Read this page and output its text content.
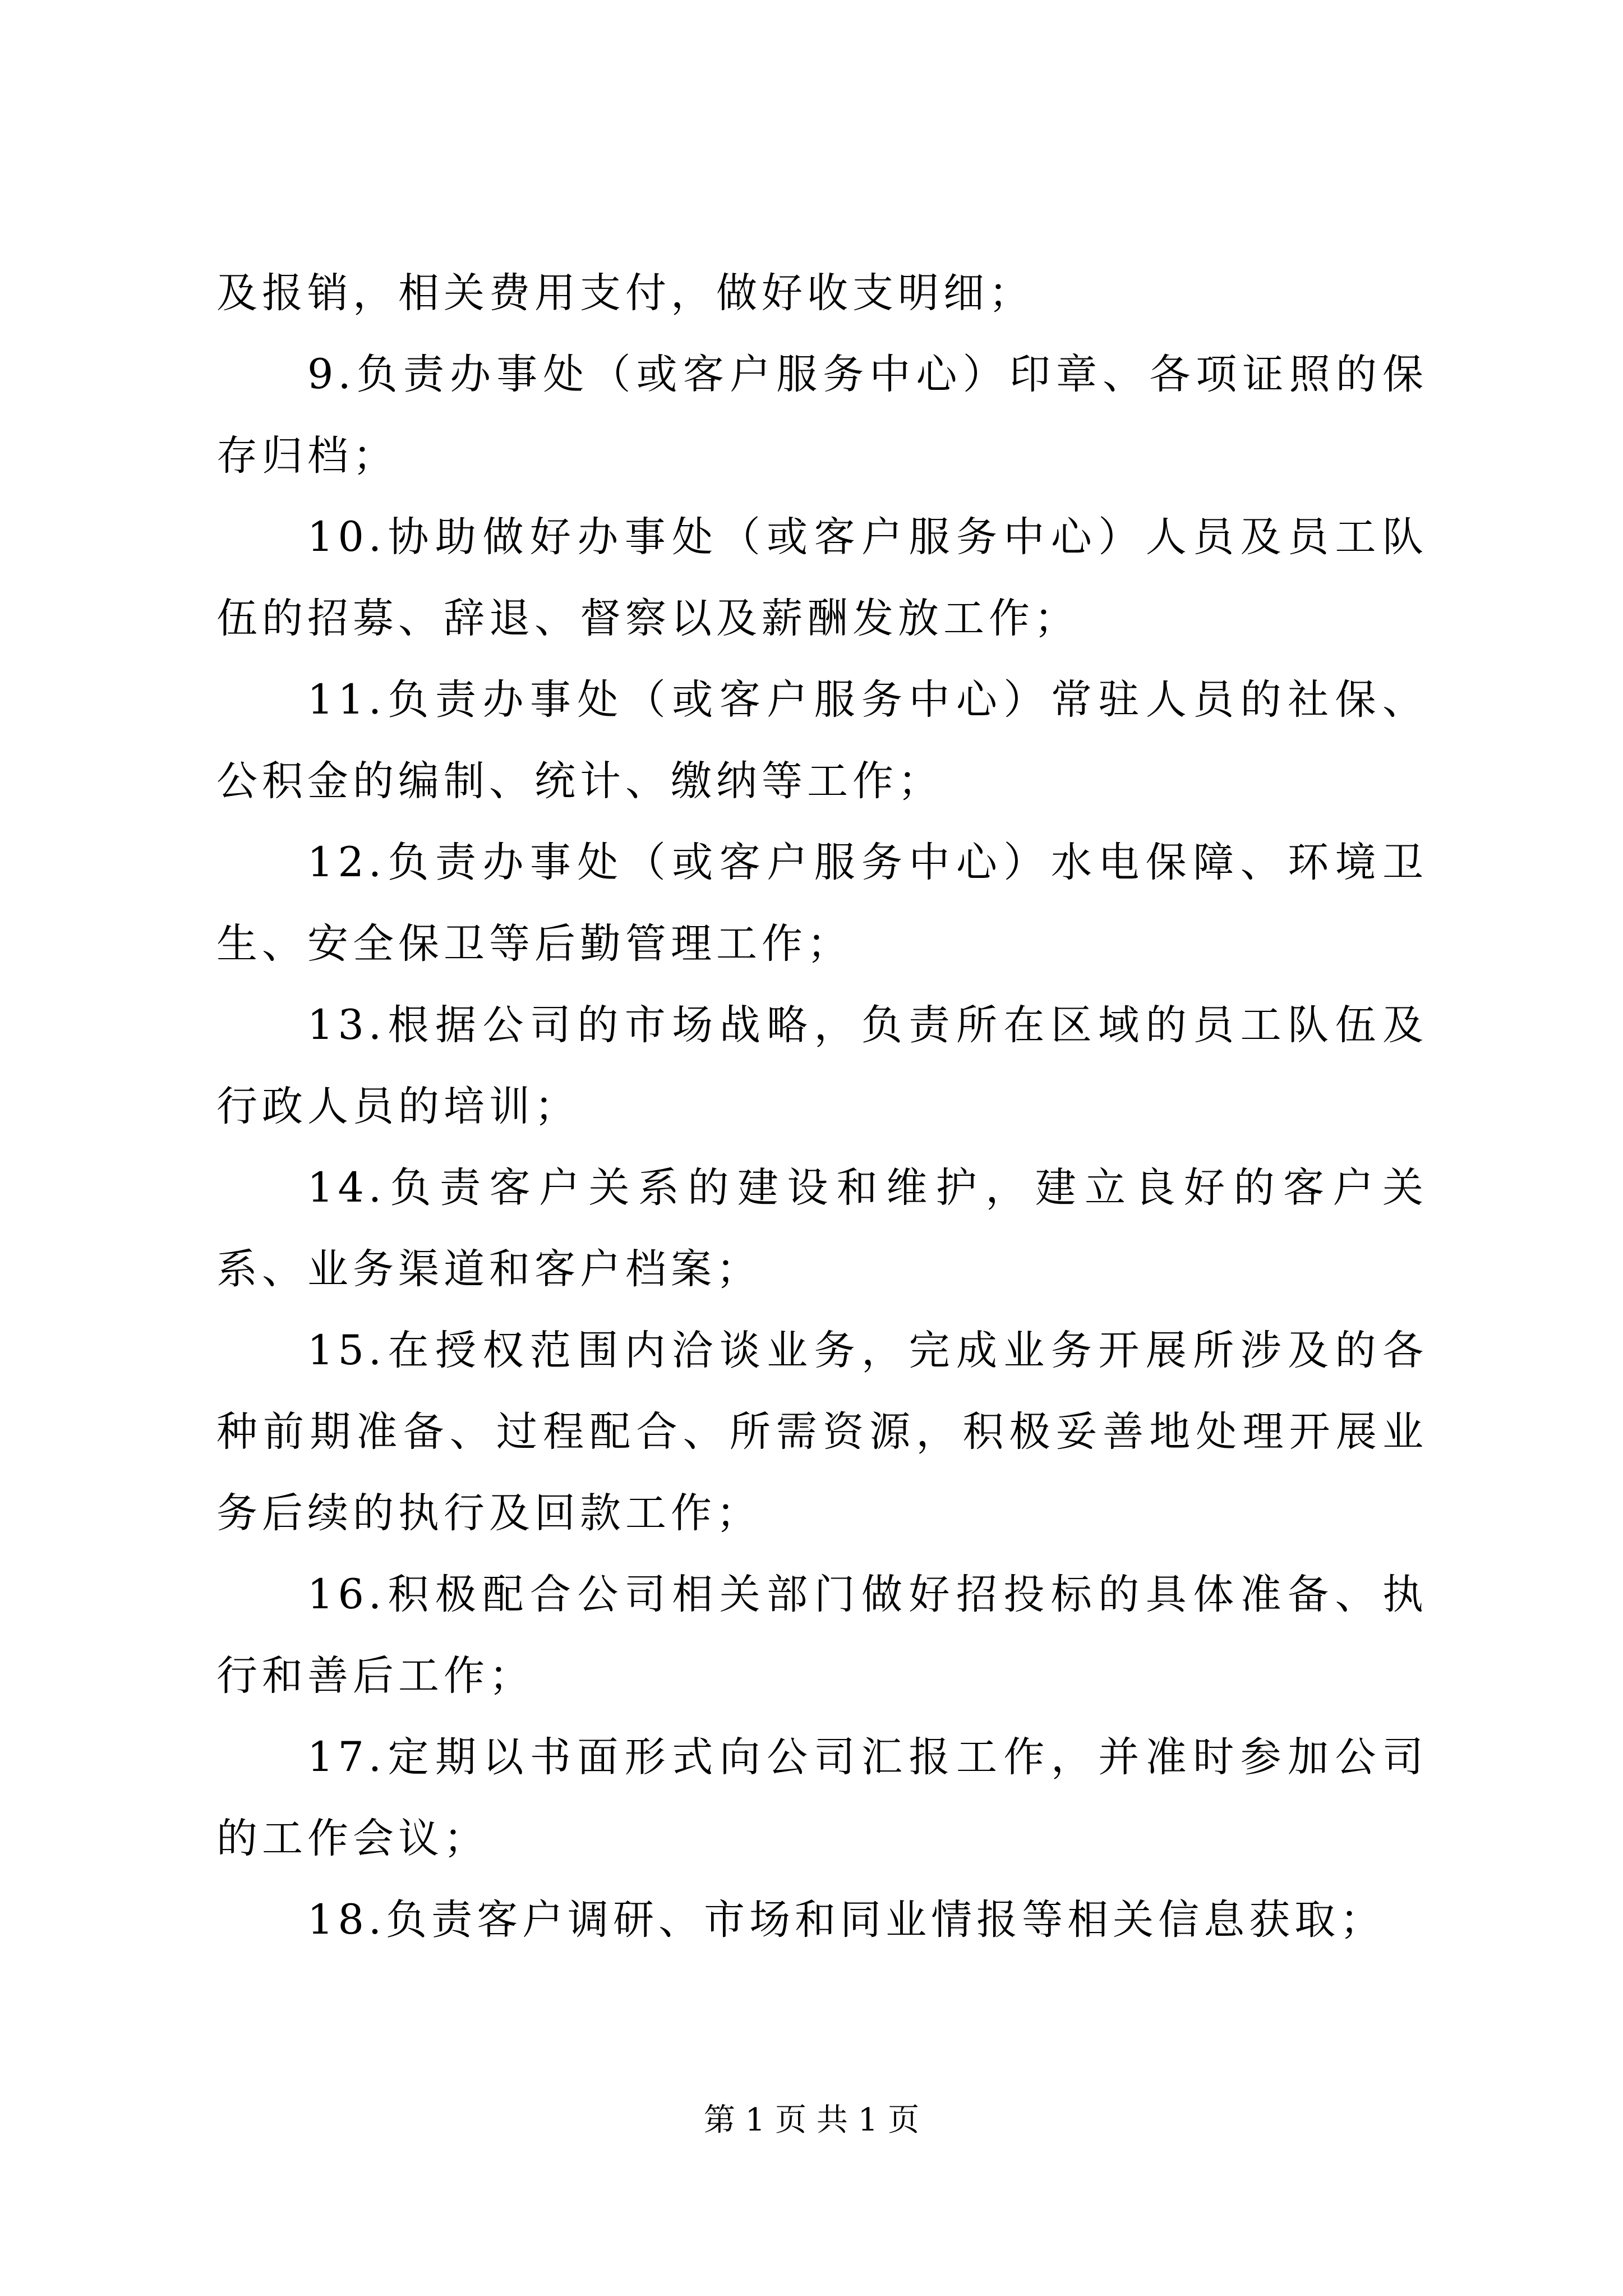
及报销，相关费用支付，做好收支明细；

9.负责办事处（或客户服务中心）印章、各项证照的保存归档；

10.协助做好办事处（或客户服务中心）人员及员工队伍的招募、辞退、督察以及薪酬发放工作；

11.负责办事处（或客户服务中心）常驻人员的社保、公积金的编制、统计、缴纳等工作；

12.负责办事处（或客户服务中心）水电保障、环境卫生、安全保卫等后勤管理工作；

13.根据公司的市场战略，负责所在区域的员工队伍及行政人员的培训；

14.负责客户关系的建设和维护，建立良好的客户关系、业务渠道和客户档案；

15.在授权范围内洽谈业务，完成业务开展所涉及的各种前期准备、过程配合、所需资源，积极妥善地处理开展业务后续的执行及回款工作；

16.积极配合公司相关部门做好招投标的具体准备、执行和善后工作；

17.定期以书面形式向公司汇报工作，并准时参加公司的工作会议；

18.负责客户调研、市场和同业情报等相关信息获取；

第 1 页 共 1 页
